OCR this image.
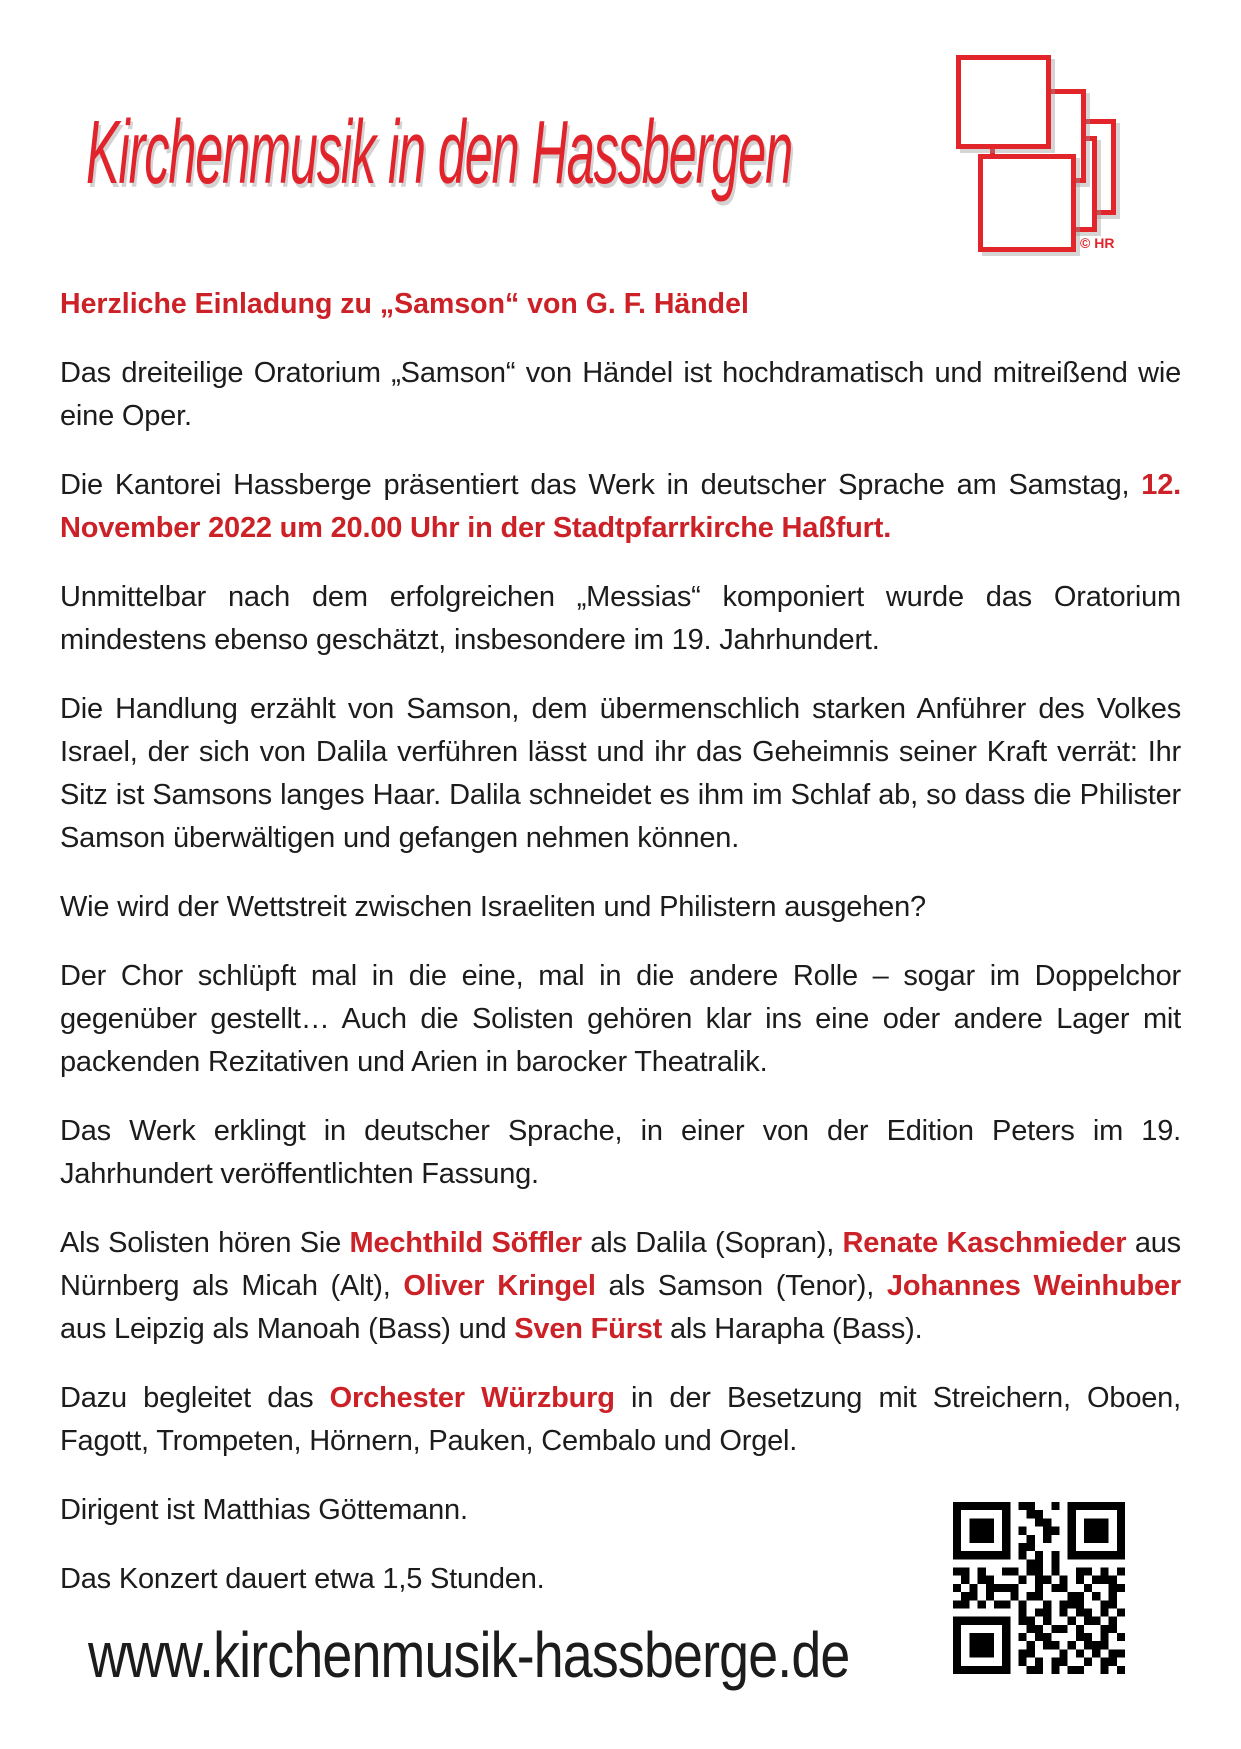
Kirchenmusik in den Hassbergen
© HR

Herzliche Einladung zu „Samson“ von G. F. Händel

Das dreiteilige Oratorium „Samson“ von Händel ist hochdramatisch und mitreißend wie eine Oper.

Die Kantorei Hassberge präsentiert das Werk in deutscher Sprache am Samstag, 12. November 2022 um 20.00 Uhr in der Stadtpfarrkirche Haßfurt.

Unmittelbar nach dem erfolgreichen „Messias“ komponiert wurde das Oratorium mindestens ebenso geschätzt, insbesondere im 19. Jahrhundert.

Die Handlung erzählt von Samson, dem übermenschlich starken Anführer des Volkes Israel, der sich von Dalila verführen lässt und ihr das Geheimnis seiner Kraft verrät: Ihr Sitz ist Samsons langes Haar. Dalila schneidet es ihm im Schlaf ab, so dass die Philister Samson überwältigen und gefangen nehmen können.

Wie wird der Wettstreit zwischen Israeliten und Philistern ausgehen?

Der Chor schlüpft mal in die eine, mal in die andere Rolle – sogar im Doppelchor gegenüber gestellt… Auch die Solisten gehören klar ins eine oder andere Lager mit packenden Rezitativen und Arien in barocker Theatralik.

Das Werk erklingt in deutscher Sprache, in einer von der Edition Peters im 19. Jahrhundert veröffentlichten Fassung.

Als Solisten hören Sie Mechthild Söffler als Dalila (Sopran), Renate Kaschmieder aus Nürnberg als Micah (Alt), Oliver Kringel als Samson (Tenor), Johannes Weinhuber aus Leipzig als Manoah (Bass) und Sven Fürst als Harapha (Bass).

Dazu begleitet das Orchester Würzburg in der Besetzung mit Streichern, Oboen, Fagott, Trompeten, Hörnern, Pauken, Cembalo und Orgel.

Dirigent ist Matthias Göttemann.

Das Konzert dauert etwa 1,5 Stunden.

www.kirchenmusik-hassberge.de
